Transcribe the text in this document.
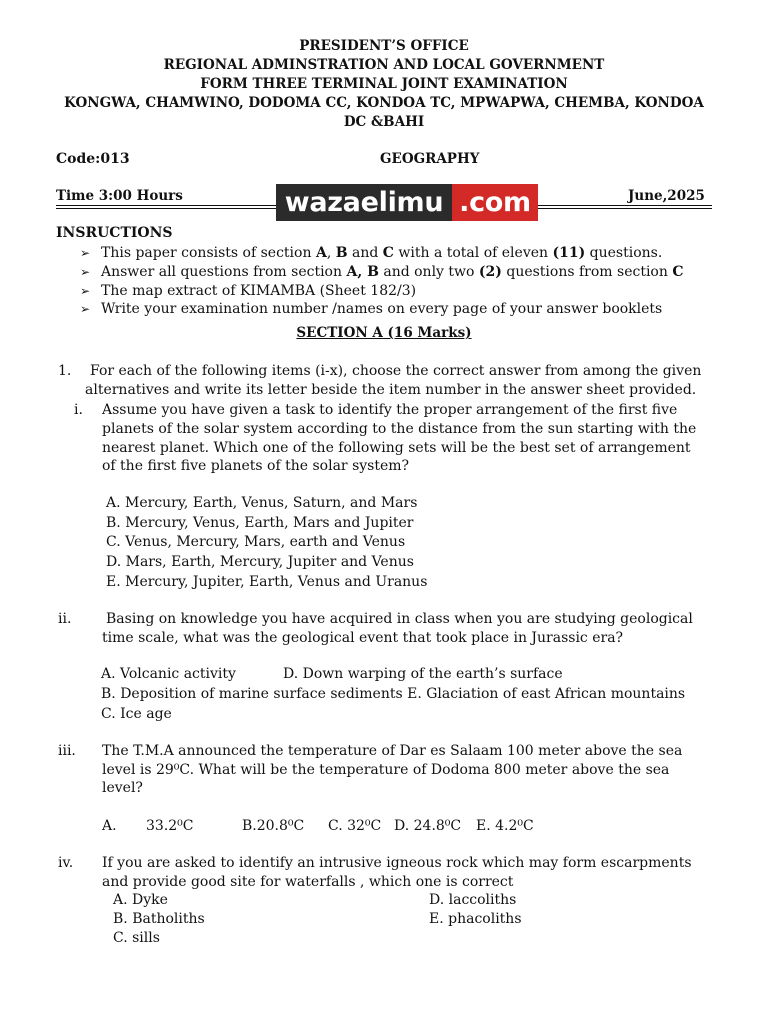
PRESIDENT’S OFFICE
REGIONAL ADMINSTRATION AND LOCAL GOVERNMENT
FORM THREE TERMINAL JOINT EXAMINATION
KONGWA, CHAMWINO, DODOMA CC, KONDOA TC, MPWAPWA, CHEMBA, KONDOA
DC &BAHI
Code:013	GEOGRAPHY
Time 3:00 Hours	June,2025
wazaelimu .com
INSRUCTIONS
➢ This paper consists of section A, B and C with a total of eleven (11) questions.
➢ Answer all questions from section A, B and only two (2) questions from section C
➢ The map extract of KIMAMBA (Sheet 182/3)
➢ Write your examination number /names on every page of your answer booklets
SECTION A (16 Marks)
1. For each of the following items (i-x), choose the correct answer from among the given
alternatives and write its letter beside the item number in the answer sheet provided.
i. Assume you have given a task to identify the proper arrangement of the first five
planets of the solar system according to the distance from the sun starting with the
nearest planet. Which one of the following sets will be the best set of arrangement
of the first five planets of the solar system?
A. Mercury, Earth, Venus, Saturn, and Mars
B. Mercury, Venus, Earth, Mars and Jupiter
C. Venus, Mercury, Mars, earth and Venus
D. Mars, Earth, Mercury, Jupiter and Venus
E. Mercury, Jupiter, Earth, Venus and Uranus
ii. Basing on knowledge you have acquired in class when you are studying geological
time scale, what was the geological event that took place in Jurassic era?
A. Volcanic activity	D. Down warping of the earth’s surface
B. Deposition of marine surface sediments E. Glaciation of east African mountains
C. Ice age
iii. The T.M.A announced the temperature of Dar es Salaam 100 meter above the sea
level is 29⁰C. What will be the temperature of Dodoma 800 meter above the sea
level?
A. 33.2⁰C	B.20.8⁰C C. 32⁰C D. 24.8⁰C E. 4.2⁰C
iv. If you are asked to identify an intrusive igneous rock which may form escarpments
and provide good site for waterfalls , which one is correct
A. Dyke
B. Batholiths
C. sills
D. laccoliths
E. phacoliths
